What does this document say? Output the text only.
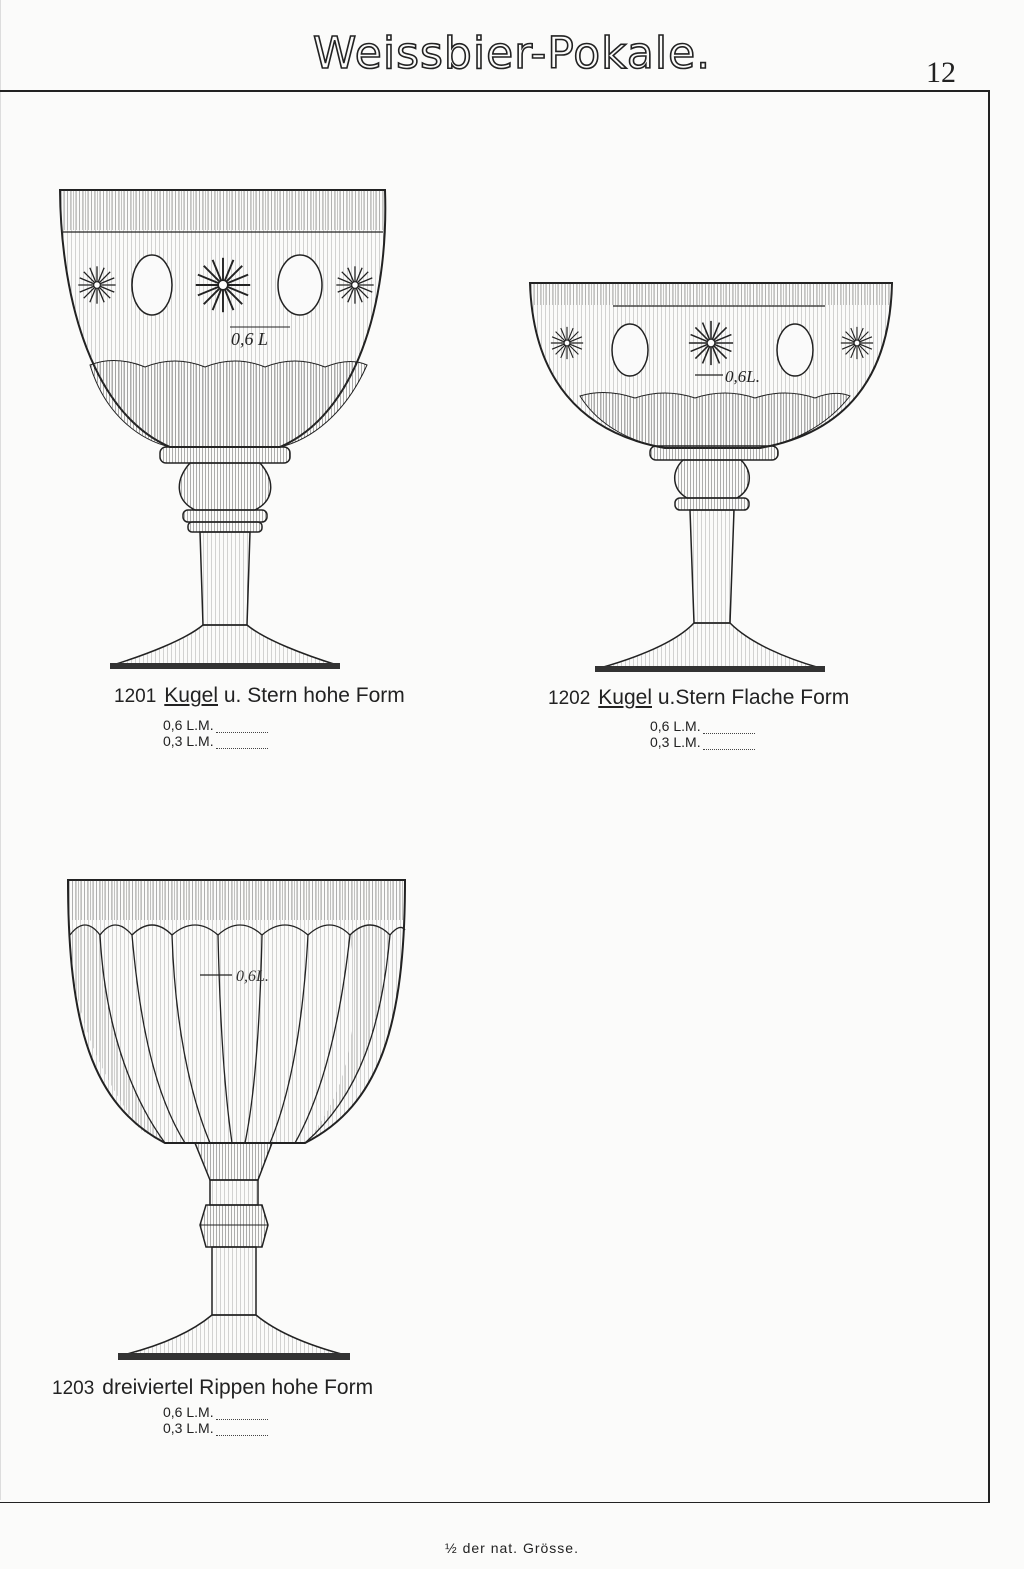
Weissbier-Pokale.	12
0,6 L
1201 Kugel u. Stern hohe Form
0,6 L.M.
0,3 L.M.
0,6L.
1202 Kugel u.Stern Flache Form
0,6 L.M.
0,3 L.M.
0,6L.
1203 dreiviertel Rippen hohe Form
0,6 L.M.
0,3 L.M.
½ der nat. Grösse.
